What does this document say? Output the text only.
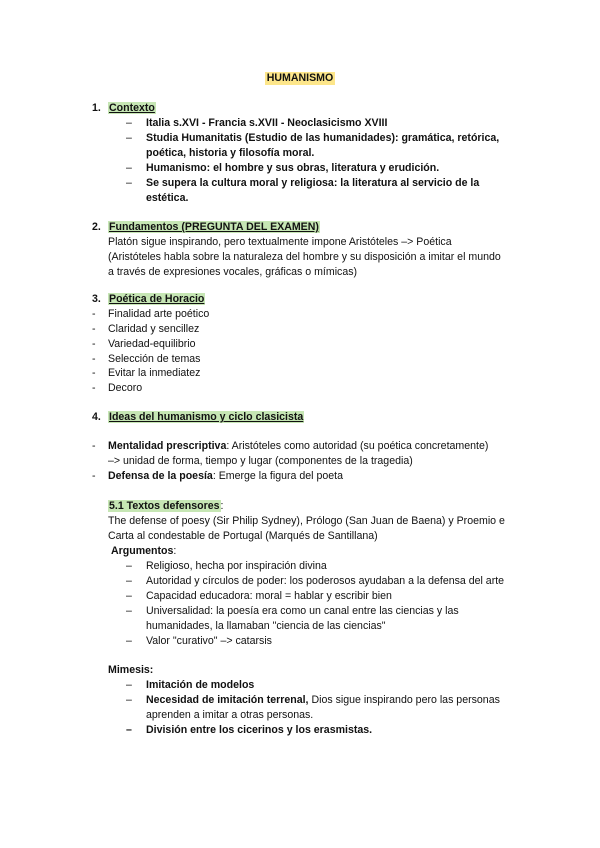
HUMANISMO
1. Contexto
– Italia s.XVI - Francia s.XVII - Neoclasicismo XVIII
– Studia Humanitatis (Estudio de las humanidades): gramática, retórica,
poética, historia y filosofía moral.
– Humanismo: el hombre y sus obras, literatura y erudición.
– Se supera la cultura moral y religiosa: la literatura al servicio de la
estética.
2. Fundamentos (PREGUNTA DEL EXAMEN)
Platón sigue inspirando, pero textualmente impone Aristóteles –> Poética
(Aristóteles habla sobre la naturaleza del hombre y su disposición a imitar el mundo
a través de expresiones vocales, gráficas o mímicas)
3. Poética de Horacio
- Finalidad arte poético
- Claridad y sencillez
- Variedad-equilibrio
- Selección de temas
- Evitar la inmediatez
- Decoro
4. Ideas del humanismo y ciclo clasicista
- Mentalidad prescriptiva: Aristóteles como autoridad (su poética concretamente)
–> unidad de forma, tiempo y lugar (componentes de la tragedia)
- Defensa de la poesía: Emerge la figura del poeta
5.1 Textos defensores:
The defense of poesy (Sir Philip Sydney), Prólogo (San Juan de Baena) y Proemio e
Carta al condestable de Portugal (Marqués de Santillana)
Argumentos:
– Religioso, hecha por inspiración divina
– Autoridad y círculos de poder: los poderosos ayudaban a la defensa del arte
– Capacidad educadora: moral = hablar y escribir bien
– Universalidad: la poesía era como un canal entre las ciencias y las
humanidades, la llamaban "ciencia de las ciencias"
– Valor "curativo" –> catarsis
Mimesis:
– Imitación de modelos
– Necesidad de imitación terrenal, Dios sigue inspirando pero las personas
aprenden a imitar a otras personas.
– División entre los cicerinos y los erasmistas.
